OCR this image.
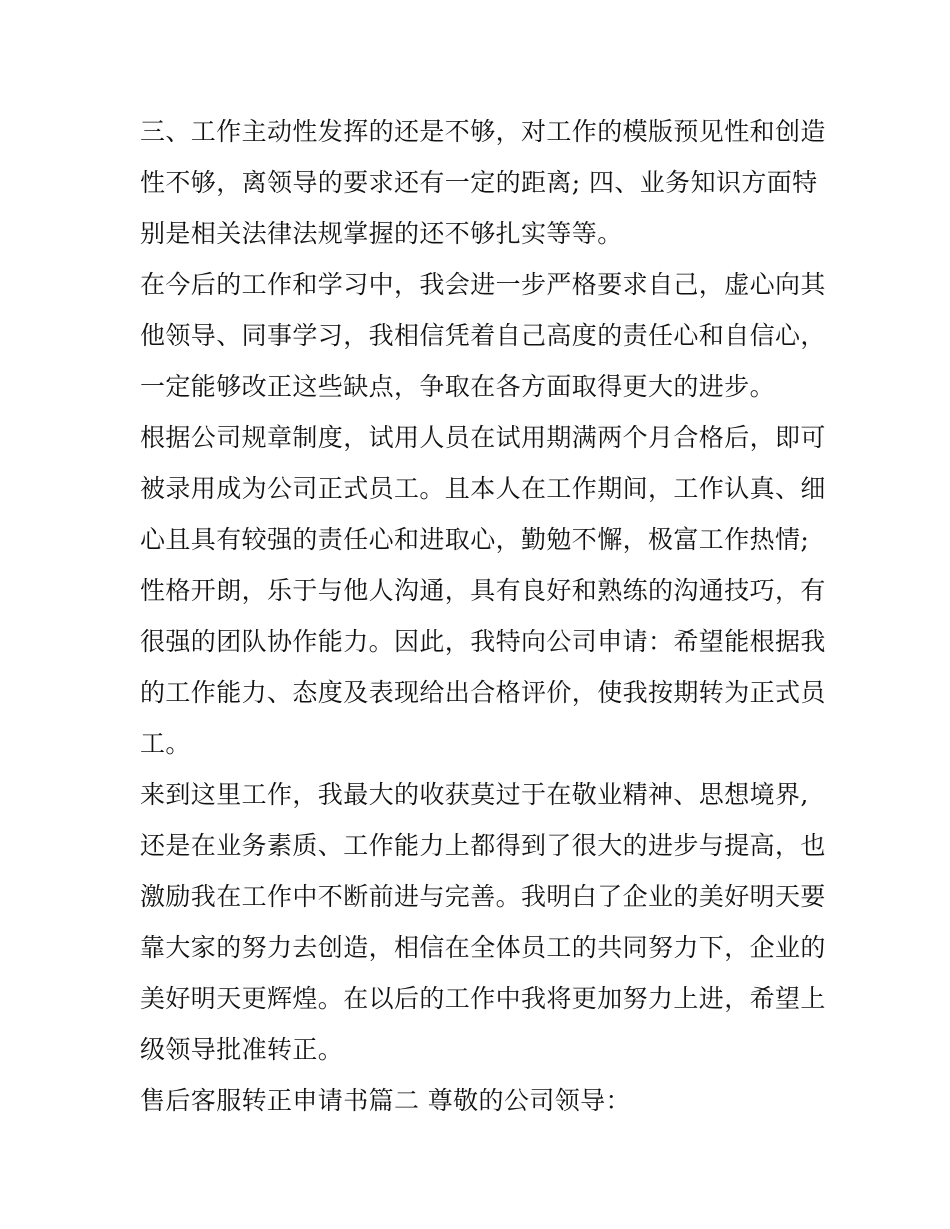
三、工作主动性发挥的还是不够，对工作的模版预见性和创造
性不够，离领导的要求还有一定的距离; 四、业务知识方面特
别是相关法律法规掌握的还不够扎实等等。
在今后的工作和学习中，我会进一步严格要求自己，虚心向其
他领导、同事学习，我相信凭着自己高度的责任心和自信心，
一定能够改正这些缺点，争取在各方面取得更大的进步。
根据公司规章制度，试用人员在试用期满两个月合格后，即可
被录用成为公司正式员工。且本人在工作期间，工作认真、细
心且具有较强的责任心和进取心，勤勉不懈，极富工作热情;
性格开朗，乐于与他人沟通，具有良好和熟练的沟通技巧，有
很强的团队协作能力。因此，我特向公司申请：希望能根据我
的工作能力、态度及表现给出合格评价，使我按期转为正式员
工。
来到这里工作，我最大的收获莫过于在敬业精神、思想境界,
还是在业务素质、工作能力上都得到了很大的进步与提高，也
激励我在工作中不断前进与完善。我明白了企业的美好明天要
靠大家的努力去创造，相信在全体员工的共同努力下，企业的
美好明天更辉煌。在以后的工作中我将更加努力上进，希望上
级领导批准转正。
售后客服转正申请书篇二 尊敬的公司领导：
